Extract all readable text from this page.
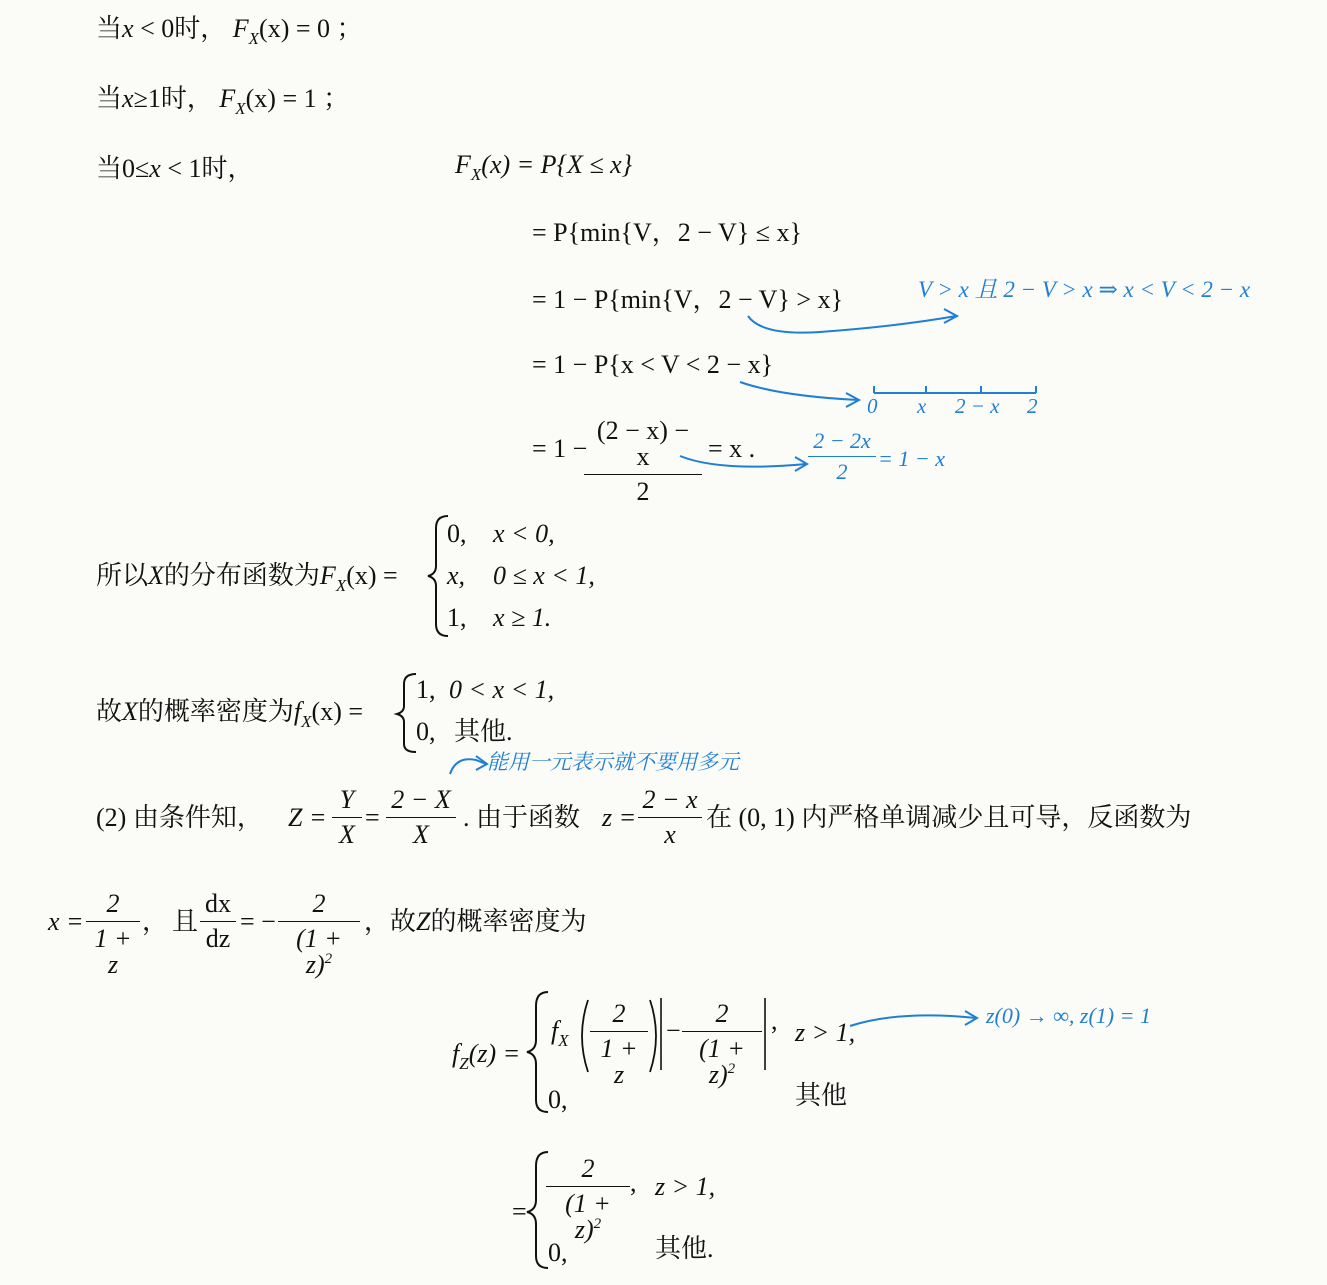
当x < 0时， $F_X(x) = 0$ ；
当x≥1时， $F_X(x) = 1$ ；
当0≤x < 1时，	$F_X(x) = P\{X \le x\}$
= P{min{V，2 − V} ≤ x}
= 1 − P{min{V，2 − V} > x}
= 1 − P{x < V < 2 − x}
= 1 −
(2 − x) − x
2
= x .
V > x 且 2 − V > x ⇒ x < V < 2 − x
0 x 2 − x 2
2 − 2x
2
= 1 − x
能用一元表示就不要用多元
z(0) → ∞, z(1) = 1
所以X的分布函数为$F_X(x)$ =
0, x < 0,
x, 0 ≤ x < 1,
1, x ≥ 1.
故X的概率密度为$f_X(x)$ =
1, 0 < x < 1,
0, 其他.
(2) 由条件知， Z =
Y
X
=
2 − X
X
. 由于函数 z =
2 − x
x
在 (0, 1) 内严格单调减少且可导，反函数为
x =
2
1 + z
， 且
dx
dz
= −
2
$(1 + z)^2$
，故Z的概率密度为
$f_Z(z)$ =
$f_X$
2
1 + z
−
2
$(1 + z)^2$
, z > 1,
0,	其他
=
2
$(1 + z)^2$
, z > 1,
0,	其他.
